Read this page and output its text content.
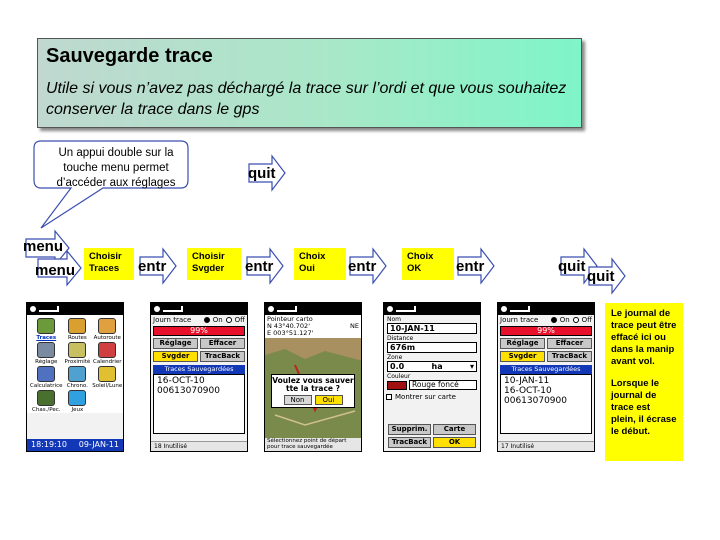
Sauvegarde trace
Utile si vous n’avez pas déchargé la trace sur l’ordi et que vous souhaitez conserver la trace dans le gps
Un appui double sur la touche menu permet d’accéder aux réglages
menu
menu
quit
entr	entr	entr	entr	quit
quit
Choisir
Traces
Choisir
Svgder
Choix
Oui
Choix
OK
Le journal de trace peut être effacé ici ou dans la manip avant vol.
Lorsque le journal de trace est plein, il écrase le début.
Traces Routes Autoroute
Réglage Proximité Calendrier
Calculatrice Chrono. Soleil/Lune
Chas./Pec. Jeux
18:19:10 09-JAN-11
Journ trace	On Off
99%
Réglage	Effacer
Svgder	TracBack
Traces Sauvegardées
16-OCT-10
00613070900
18 Inutilisé
Pointeur carto
N 43°40.702'	NE
E 003°51.127'
Voulez vous sauver tte la trace ?
Non	Oui
Sélectionnez point de départ pour trace sauvegardée
Nom
10-JAN-11
Distance
676m
Zone
0.0	ha	▾
Couleur
Rouge foncé
Montrer sur carte
Supprim.	Carte
TracBack	OK
Journ trace	On Off
99%
Réglage	Effacer
Svgder	TracBack
Traces Sauvegardées
10-JAN-11
16-OCT-10
00613070900
17 Inutilisé
